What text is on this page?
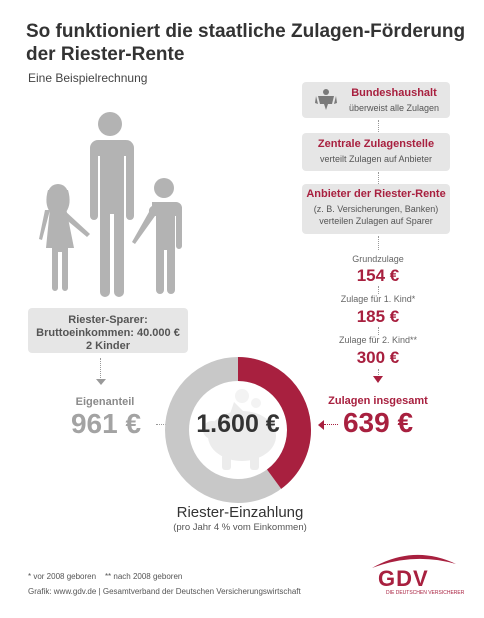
So funktioniert die staatliche Zulagen-Förderung der Riester-Rente
Eine Beispielrechnung
Riester-Sparer:
Bruttoeinkommen: 40.000 €
2 Kinder
Eigenanteil
961 €	1.600 €
Riester-Einzahlung
(pro Jahr 4 % vom Einkommen)
Bundeshaushalt
überweist alle Zulagen
Zentrale Zulagenstelle
verteilt Zulagen auf Anbieter
Anbieter der Riester-Rente
(z. B. Versicherungen, Banken)
verteilen Zulagen auf Sparer
Grundzulage
154 €
Zulage für 1. Kind*
185 €
Zulage für 2. Kind**
300 €
Zulagen insgesamt
639 €
* vor 2008 geboren    ** nach 2008 geboren
Grafik: www.gdv.de | Gesamtverband der Deutschen Versicherungswirtschaft
GDV
DIE DEUTSCHEN VERSICHERER
